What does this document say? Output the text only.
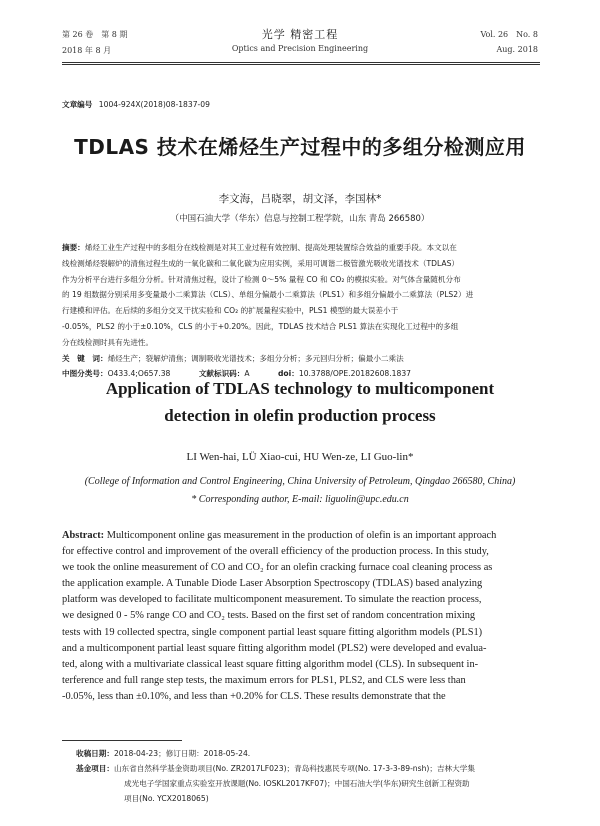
第 26 卷　第 8 期
2018 年 8 月
光学 精密工程
Optics and Precision Engineering
Vol. 26　No. 8
Aug. 2018
文章编号 1004-924X(2018)08-1837-09
TDLAS 技术在烯烃生产过程中的多组分检测应用
李文海，吕晓翠，胡文泽，李国林*
（中国石油大学（华东）信息与控制工程学院，山东 青岛 266580）
摘要：烯烃工业生产过程中的多组分在线检测是对其工业过程有效控制、提高处理装置综合效益的重要手段。本文以在
线检测烯烃裂解炉的清焦过程生成的一氧化碳和二氧化碳为应用实例，采用可调谐二极管激光吸收光谱技术（TDLAS）
作为分析平台进行多组分分析。针对清焦过程，设计了检测 0～5% 量程 CO 和 CO₂ 的模拟实验。对气体含量随机分布
的 19 组数据分别采用多变量最小二乘算法（CLS）、单组分偏最小二乘算法（PLS1）和多组分偏最小二乘算法（PLS2）进
行建模和评估。在后续的多组分交叉干扰实验和 CO₂ 的扩展量程实验中，PLS1 模型的最大误差小于
-0.05%，PLS2 的小于±0.10%，CLS 的小于+0.20%。因此，TDLAS 技术结合 PLS1 算法在实现化工过程中的多组
分在线检测时具有先进性。
关　键　词：烯烃生产；裂解炉清焦；调制吸收光谱技术；多组分分析；多元回归分析；偏最小二乘法
中图分类号：O433.4;O657.38	文献标识码：A	doi：10.3788/OPE.20182608.1837
Application of TDLAS technology to multicomponent
detection in olefin production process
LI Wen-hai, LÜ Xiao-cui, HU Wen-ze, LI Guo-lin*
(College of Information and Control Engineering, China University of Petroleum, Qingdao 266580, China)
* Corresponding author, E-mail: liguolin@upc.edu.cn
Abstract: Multicomponent online gas measurement in the production of olefin is an important approach
for effective control and improvement of the overall efficiency of the production process. In this study,
we took the online measurement of CO and CO₂ for an olefin cracking furnace coal cleaning process as
the application example. A Tunable Diode Laser Absorption Spectroscopy (TDLAS) based analyzing
platform was developed to facilitate multicomponent measurement. To simulate the reaction process,
we designed 0 - 5% range CO and CO₂ tests. Based on the first set of random concentration mixing
tests with 19 collected spectra, single component partial least square fitting algorithm models (PLS1)
and a multicomponent partial least square fitting algorithm model (PLS2) were developed and evalua-
ted, along with a multivariate classical least square fitting algorithm model (CLS). In subsequent in-
terference and full range step tests, the maximum errors for PLS1, PLS2, and CLS were less than
-0.05%, less than ±0.10%, and less than +0.20% for CLS. These results demonstrate that the
收稿日期：2018-04-23；修订日期：2018-05-24.
基金项目：山东省自然科学基金资助项目(No. ZR2017LF023)；青岛科技惠民专项(No. 17-3-3-89-nsh)；吉林大学集
成光电子学国家重点实验室开放课题(No. IOSKL2017KF07)；中国石油大学(华东)研究生创新工程资助
项目(No. YCX2018065)
